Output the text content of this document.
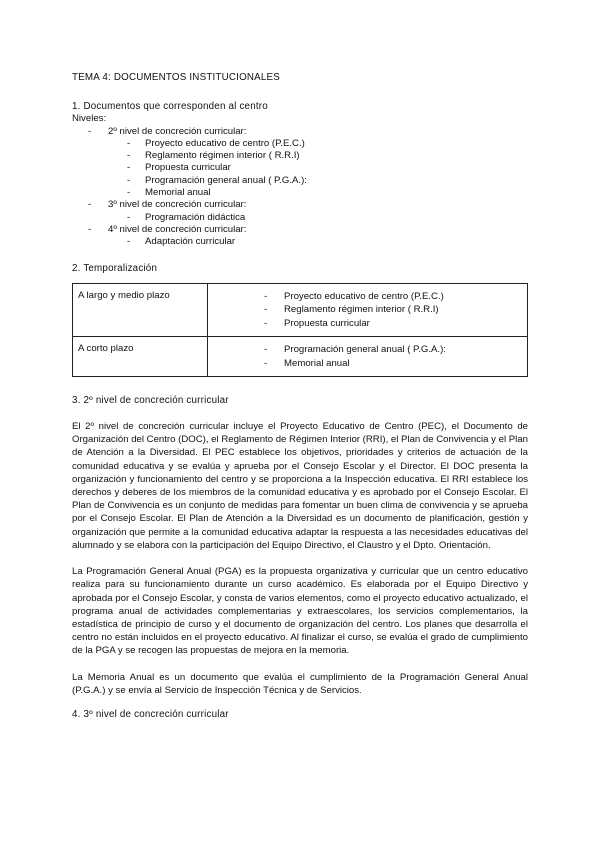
TEMA 4: DOCUMENTOS INSTITUCIONALES
1. Documentos que corresponden al centro
Niveles:
- 2º nivel de concreción curricular:
- Proyecto educativo de centro (P.E.C.)
- Reglamento régimen interior ( R.R.I)
- Propuesta curricular
- Programación general anual ( P.G.A.):
- Memorial anual
- 3º nivel de concreción curricular:
- Programación didáctica
- 4º nivel de concreción curricular:
- Adaptación curricular
2. Temporalización
A largo y medio plazo	- Proyecto educativo de centro (P.E.C.)
- Reglamento régimen interior ( R.R.I)
- Propuesta curricular

A corto plazo	- Programación general anual ( P.G.A.):
- Memorial anual
3. 2º nivel de concreción curricular

El 2º nivel de concreción curricular incluye el Proyecto Educativo de Centro (PEC), el Documento de Organización del Centro (DOC), el Reglamento de Régimen Interior (RRI), el Plan de Convivencia y el Plan de Atención a la Diversidad. El PEC establece los objetivos, prioridades y criterios de actuación de la comunidad educativa y se evalúa y aprueba por el Consejo Escolar y el Director. El DOC presenta la organización y funcionamiento del centro y se proporciona a la Inspección educativa. El RRI establece los derechos y deberes de los miembros de la comunidad educativa y es aprobado por el Consejo Escolar. El Plan de Convivencia es un conjunto de medidas para fomentar un buen clima de convivencia y se aprueba por el Consejo Escolar. El Plan de Atención a la Diversidad es un documento de planificación, gestión y organización que permite a la comunidad educativa adaptar la respuesta a las necesidades educativas del alumnado y se elabora con la participación del Equipo Directivo, el Claustro y el Dpto. Orientación.

La Programación General Anual (PGA) es la propuesta organizativa y curricular que un centro educativo realiza para su funcionamiento durante un curso académico. Es elaborada por el Equipo Directivo y aprobada por el Consejo Escolar, y consta de varios elementos, como el proyecto educativo actualizado, el programa anual de actividades complementarias y extraescolares, los servicios complementarios, la estadística de principio de curso y el documento de organización del centro. Los planes que desarrolla el centro no están incluidos en el proyecto educativo. Al finalizar el curso, se evalúa el grado de cumplimiento de la PGA y se recogen las propuestas de mejora en la memoria.

La Memoria Anual es un documento que evalúa el cumplimiento de la Programación General Anual (P.G.A.) y se envía al Servicio de Inspección Técnica y de Servicios.

4. 3º nivel de concreción curricular
